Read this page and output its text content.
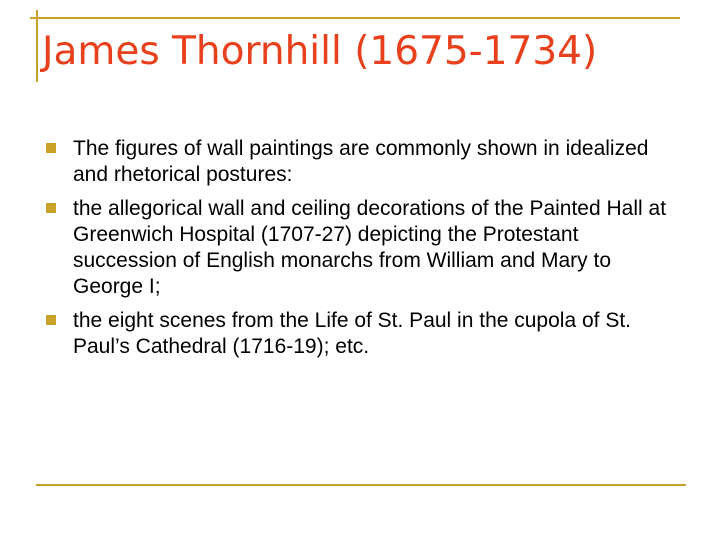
James Thornhill (1675-1734)
The figures of wall paintings are commonly shown in idealized and rhetorical postures:
the allegorical wall and ceiling decorations of the Painted Hall at Greenwich Hospital (1707-27) depicting the Protestant succession of English monarchs from William and Mary to George I;
the eight scenes from the Life of St. Paul in the cupola of St. Paul’s Cathedral (1716-19); etc.
